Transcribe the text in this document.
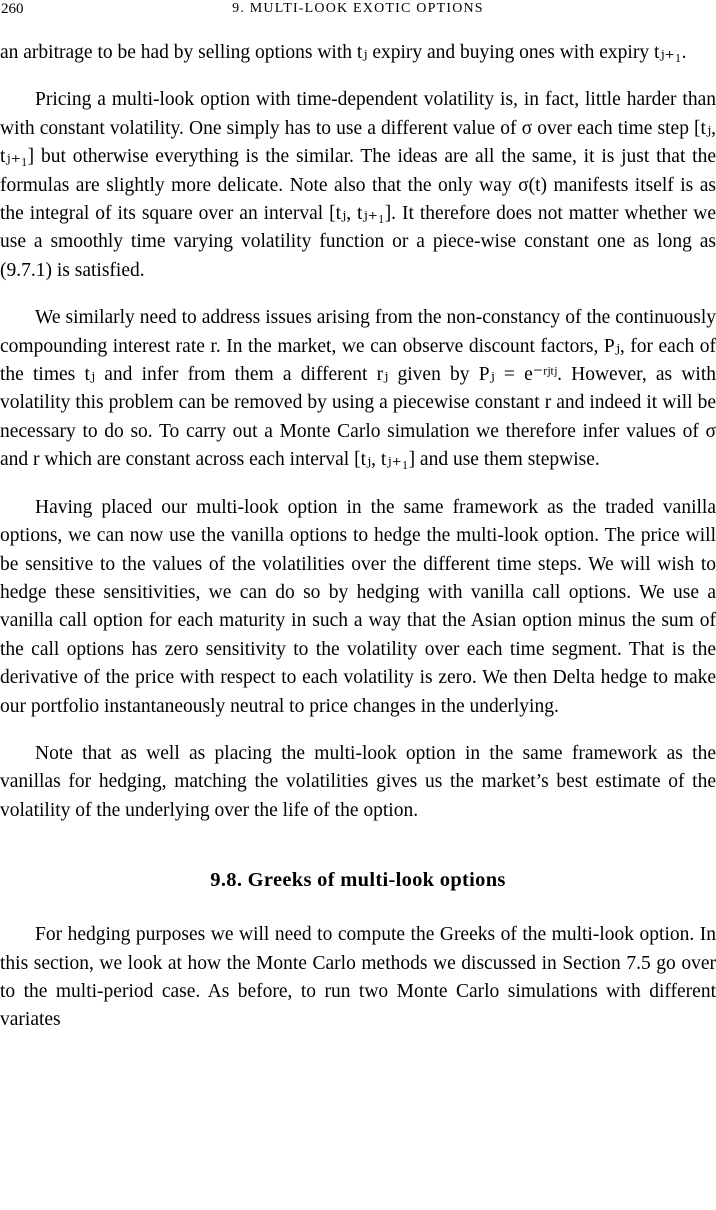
260	9. MULTI-LOOK EXOTIC OPTIONS

an arbitrage to be had by selling options with tⱼ expiry and buying ones with expiry tⱼ₊₁.

Pricing a multi-look option with time-dependent volatility is, in fact, little harder than with constant volatility. One simply has to use a different value of σ over each time step [tⱼ, tⱼ₊₁] but otherwise everything is the similar. The ideas are all the same, it is just that the formulas are slightly more delicate. Note also that the only way σ(t) manifests itself is as the integral of its square over an interval [tⱼ, tⱼ₊₁]. It therefore does not matter whether we use a smoothly time varying volatility function or a piece-wise constant one as long as (9.7.1) is satisfied.

We similarly need to address issues arising from the non-constancy of the continuously compounding interest rate r. In the market, we can observe discount factors, Pⱼ, for each of the times tⱼ and infer from them a different rⱼ given by Pⱼ = e⁻ʳʲᵗʲ. However, as with volatility this problem can be removed by using a piecewise constant r and indeed it will be necessary to do so. To carry out a Monte Carlo simulation we therefore infer values of σ and r which are constant across each interval [tⱼ, tⱼ₊₁] and use them stepwise.

Having placed our multi-look option in the same framework as the traded vanilla options, we can now use the vanilla options to hedge the multi-look option. The price will be sensitive to the values of the volatilities over the different time steps. We will wish to hedge these sensitivities, we can do so by hedging with vanilla call options. We use a vanilla call option for each maturity in such a way that the Asian option minus the sum of the call options has zero sensitivity to the volatility over each time segment. That is the derivative of the price with respect to each volatility is zero. We then Delta hedge to make our portfolio instantaneously neutral to price changes in the underlying.

Note that as well as placing the multi-look option in the same framework as the vanillas for hedging, matching the volatilities gives us the market’s best estimate of the volatility of the underlying over the life of the option.

9.8. Greeks of multi-look options

For hedging purposes we will need to compute the Greeks of the multi-look option. In this section, we look at how the Monte Carlo methods we discussed in Section 7.5 go over to the multi-period case. As before, to run two Monte Carlo simulations with different variates
